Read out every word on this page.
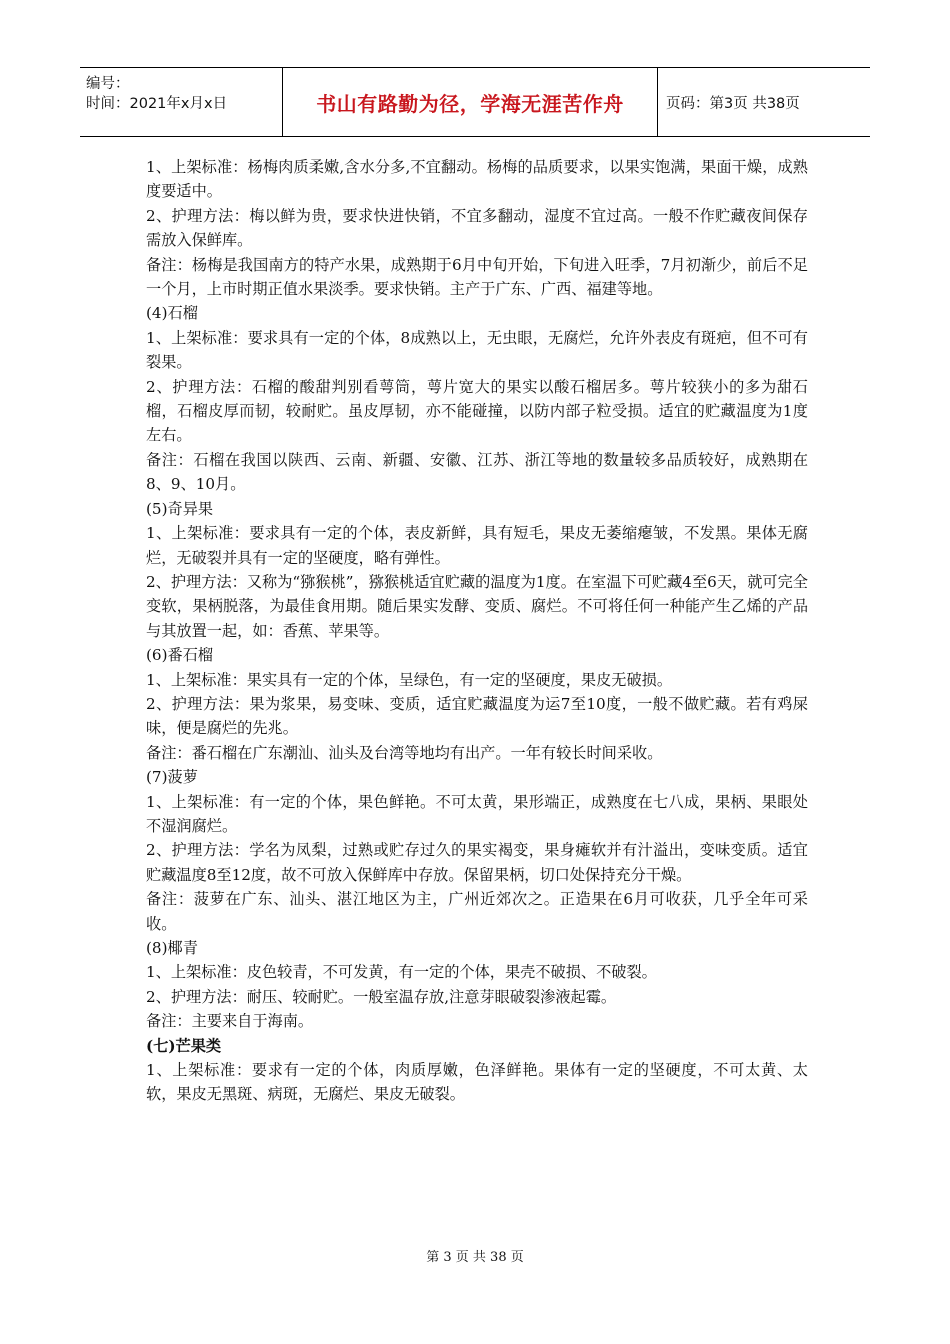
编号：
时间：2021年x月x日	书山有路勤为径，学海无涯苦作舟	页码：第3页 共38页

1、上架标准：杨梅肉质柔嫩,含水分多,不宜翻动。杨梅的品质要求，以果实饱满，果面干燥，成熟度要适中。

2、护理方法：梅以鲜为贵，要求快进快销，不宜多翻动，湿度不宜过高。一般不作贮藏夜间保存需放入保鲜库。

备注：杨梅是我国南方的特产水果，成熟期于6月中旬开始，下旬进入旺季，7月初渐少，前后不足一个月，上市时期正值水果淡季。要求快销。主产于广东、广西、福建等地。

(4)石榴

1、上架标准：要求具有一定的个体，8成熟以上，无虫眼，无腐烂，允许外表皮有斑疤，但不可有裂果。

2、护理方法：石榴的酸甜判别看萼筒，萼片宽大的果实以酸石榴居多。萼片较狭小的多为甜石榴，石榴皮厚而韧，较耐贮。虽皮厚韧，亦不能碰撞，以防内部子粒受损。适宜的贮藏温度为1度左右。

备注：石榴在我国以陕西、云南、新疆、安徽、江苏、浙江等地的数量较多品质较好，成熟期在8、9、10月。

(5)奇异果

1、上架标准：要求具有一定的个体，表皮新鲜，具有短毛，果皮无萎缩瘪皱，不发黑。果体无腐烂，无破裂并具有一定的坚硬度，略有弹性。

2、护理方法：又称为“猕猴桃”，猕猴桃适宜贮藏的温度为1度。在室温下可贮藏4至6天，就可完全变软，果柄脱落，为最佳食用期。随后果实发酵、变质、腐烂。不可将任何一种能产生乙烯的产品与其放置一起，如：香蕉、苹果等。

(6)番石榴

1、上架标准：果实具有一定的个体，呈绿色，有一定的坚硬度，果皮无破损。

2、护理方法：果为浆果，易变味、变质，适宜贮藏温度为运7至10度，一般不做贮藏。若有鸡屎味，便是腐烂的先兆。

备注：番石榴在广东潮汕、汕头及台湾等地均有出产。一年有较长时间采收。

(7)菠萝

1、上架标准：有一定的个体，果色鲜艳。不可太黄，果形端正，成熟度在七八成，果柄、果眼处不湿润腐烂。

2、护理方法：学名为凤梨，过熟或贮存过久的果实褐变，果身瘫软并有汁溢出，变味变质。适宜贮藏温度8至12度，故不可放入保鲜库中存放。保留果柄，切口处保持充分干燥。

备注：菠萝在广东、汕头、湛江地区为主，广州近郊次之。正造果在6月可收获，几乎全年可采收。

(8)椰青

1、上架标准：皮色较青，不可发黄，有一定的个体，果壳不破损、不破裂。

2、护理方法：耐压、较耐贮。一般室温存放,注意芽眼破裂渗液起霉。

备注：主要来自于海南。

(七)芒果类

1、上架标准：要求有一定的个体，肉质厚嫩，色泽鲜艳。果体有一定的坚硬度，不可太黄、太软，果皮无黑斑、病斑，无腐烂、果皮无破裂。

第 3 页 共 38 页
